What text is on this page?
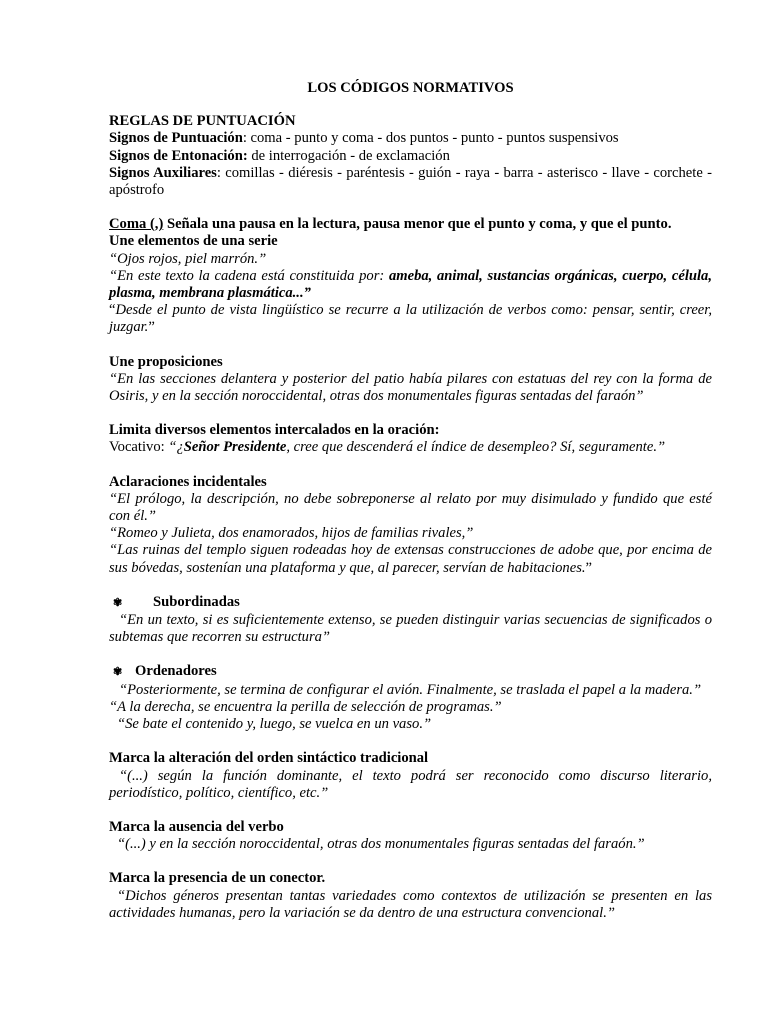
LOS CÓDIGOS NORMATIVOS

REGLAS DE PUNTUACIÓN

Signos de Puntuación: coma - punto y coma - dos puntos - punto - puntos suspensivos

Signos de Entonación: de interrogación - de exclamación

Signos Auxiliares: comillas - diéresis - paréntesis - guión - raya - barra - asterisco - llave - corchete - apóstrofo

Coma (,) Señala una pausa en la lectura, pausa menor que el punto y coma, y que el punto.

Une elementos de una serie

“Ojos rojos, piel marrón.”

“En este texto la cadena está constituida por: ameba, animal, sustancias orgánicas, cuerpo, célula, plasma, membrana plasmática...”

“Desde el punto de vista lingüístico se recurre a la utilización de verbos como: pensar, sentir, creer, juzgar.”

Une proposiciones

“En las secciones delantera y posterior del patio había pilares con estatuas del rey con la forma de Osiris, y en la sección noroccidental, otras dos monumentales figuras sentadas del faraón”

Limita diversos elementos intercalados en la oración:

Vocativo: “¿Señor Presidente, cree que descenderá el índice de desempleo? Sí, seguramente.”

Aclaraciones incidentales

“El prólogo, la descripción, no debe sobreponerse al relato por muy disimulado y fundido que esté con él.”

“Romeo y Julieta, dos enamorados, hijos de familias rivales,”

“Las ruinas del templo siguen rodeadas hoy de extensas construcciones de adobe que, por encima de sus bóvedas, sostenían una plataforma y que, al parecer, servían de habitaciones.”

✾ Subordinadas

“En un texto, si es suficientemente extenso, se pueden distinguir varias secuencias de significados o subtemas que recorren su estructura”

✾ Ordenadores

“Posteriormente, se termina de configurar el avión. Finalmente, se traslada el papel a la madera.”

“A la derecha, se encuentra la perilla de selección de programas.”

“Se bate el contenido y, luego, se vuelca en un vaso.”

Marca la alteración del orden sintáctico tradicional

“(...) según la función dominante, el texto podrá ser reconocido como discurso literario, periodístico, político, científico, etc.”

Marca la ausencia del verbo

“(...) y en la sección noroccidental, otras dos monumentales figuras sentadas del faraón.”

Marca la presencia de un conector.

“Dichos géneros presentan tantas variedades como contextos de utilización se presenten en las actividades humanas, pero la variación se da dentro de una estructura convencional.”
